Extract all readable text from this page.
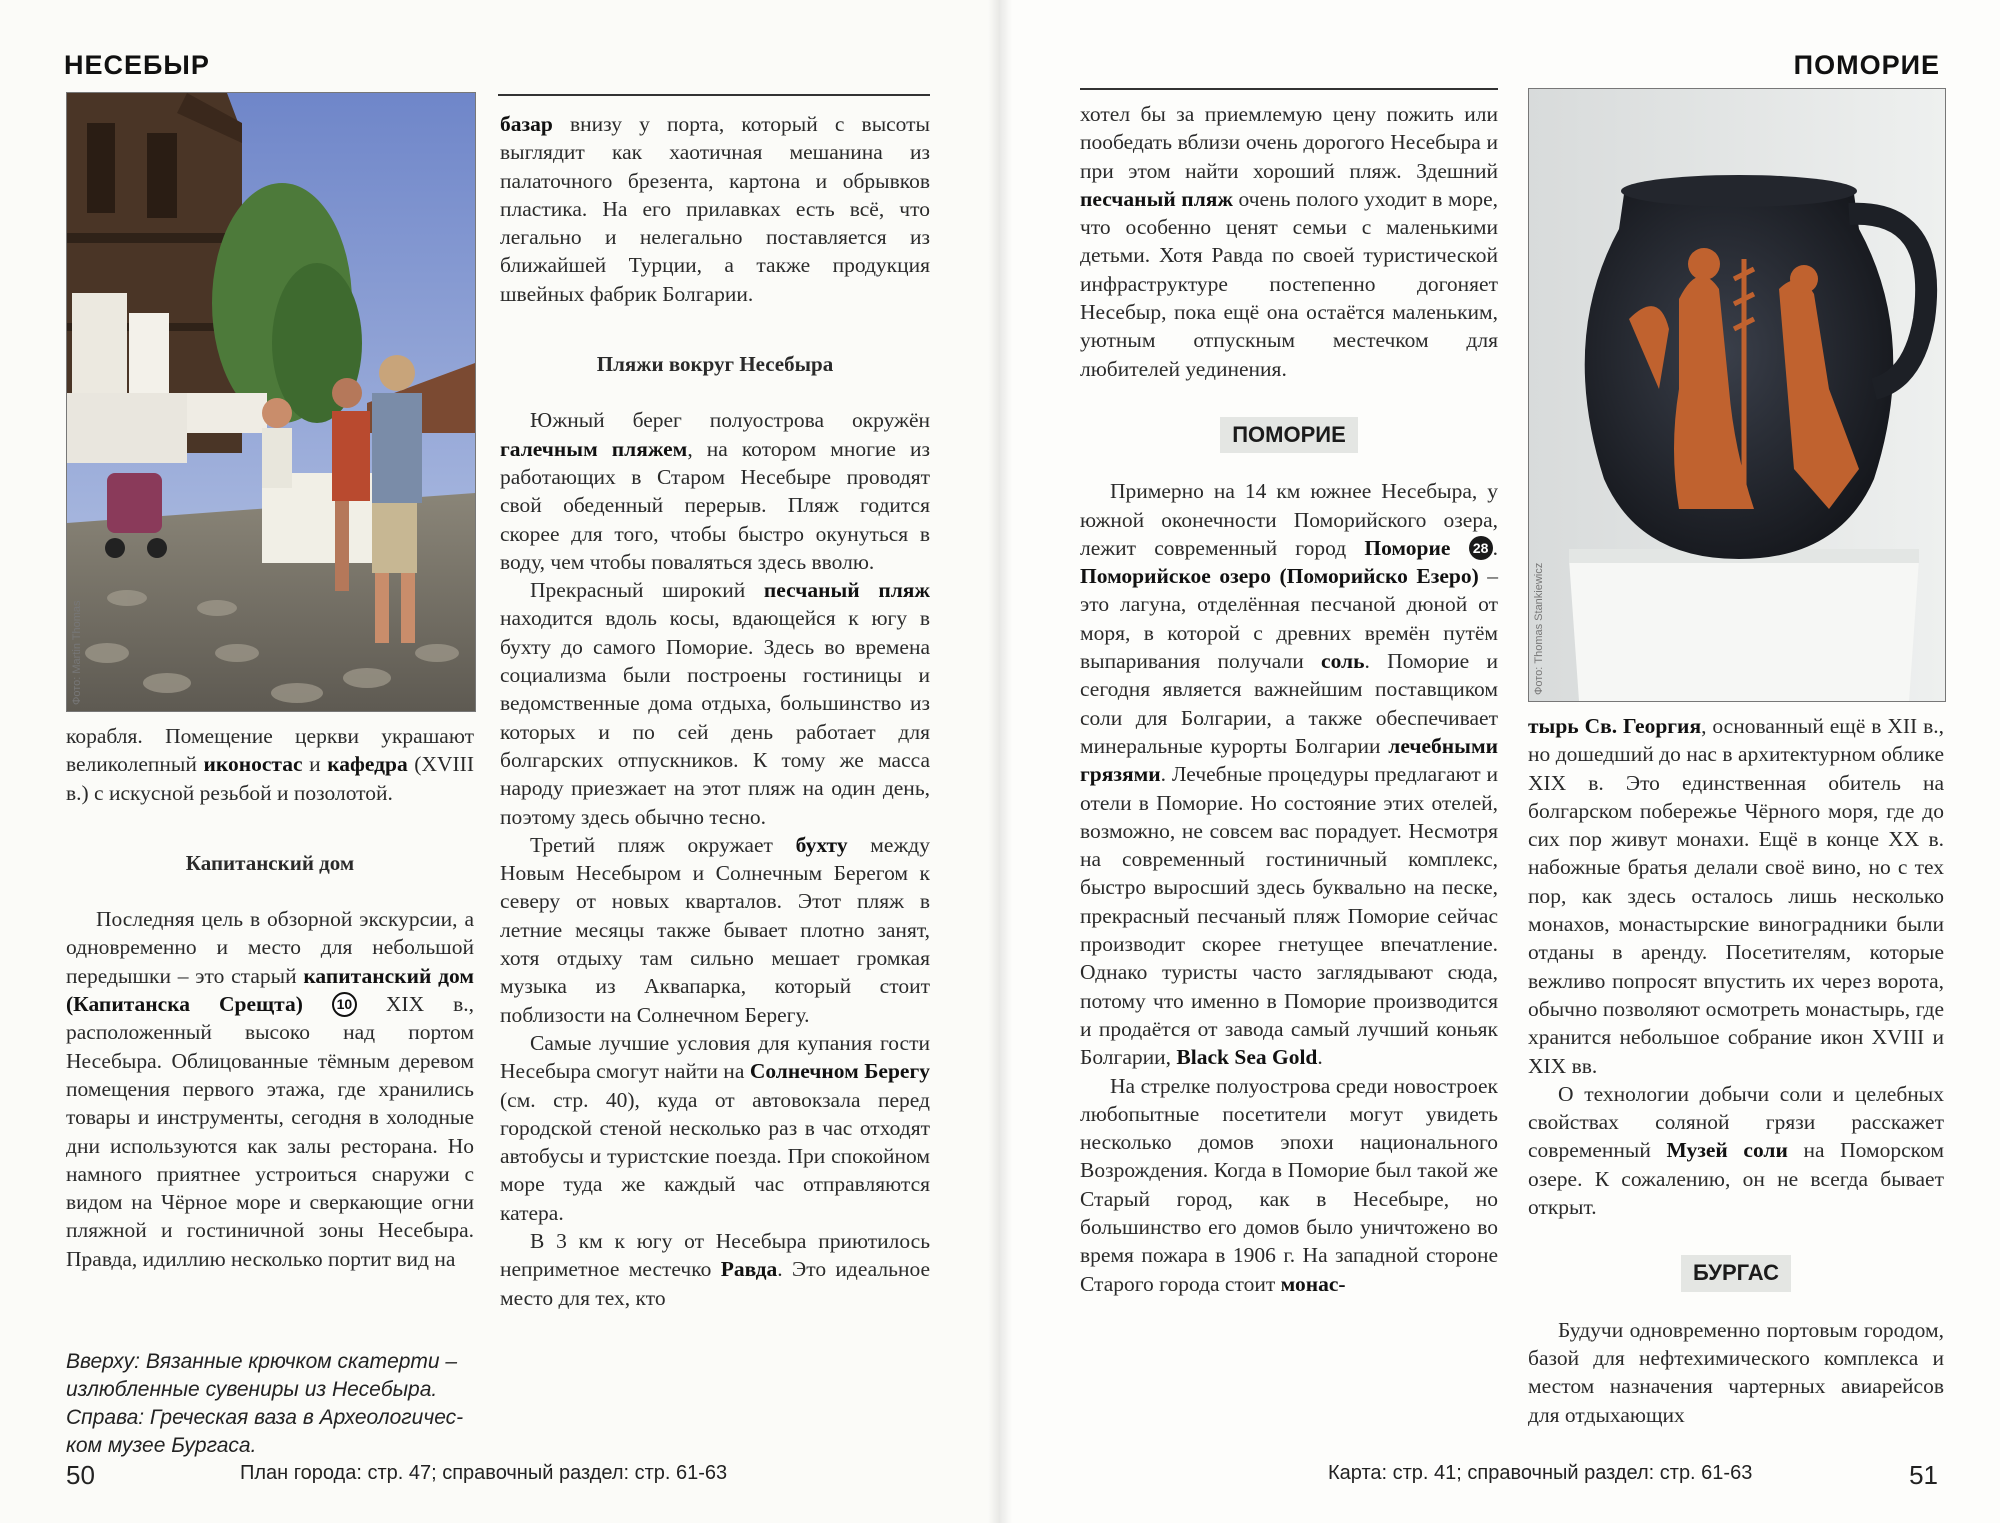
НЕСЕБЫР
Фото: Martin Thomas

корабля. Помещение церкви украшают великолепный иконостас и кафедра (XVIII в.) с искусной резьбой и позолотой.

Капитанский дом

Последняя цель в обзорной экскурсии, а одновременно и место для небольшой передышки – это старый капитанский дом (Капитанска Срещта) 10 XIX в., расположенный высоко над портом Несебыра. Облицованные тёмным деревом помещения первого этажа, где хранились товары и инструменты, сегодня в холодные дни используются как залы ресторана. Но намного приятнее устроиться снаружи с видом на Чёрное море и сверкающие огни пляжной и гостиничной зоны Несебыра. Правда, идиллию несколько портит вид на

Вверху: Вязанные крючком скатерти –
излюбленные сувениры из Несебыра.
Справа: Греческая ваза в Археологичес-
ком музее Бургаса.

базар внизу у порта, который с высоты выглядит как хаотичная мешанина из палаточного брезента, картона и обрывков пластика. На его прилавках есть всё, что легально и нелегально поставляется из ближайшей Турции, а также продукция швейных фабрик Болгарии.

Пляжи вокруг Несебыра

Южный берег полуострова окружён галечным пляжем, на котором многие из работающих в Старом Несебыре проводят свой обеденный перерыв. Пляж годится скорее для того, чтобы быстро окунуться в воду, чем чтобы поваляться здесь вволю.

Прекрасный широкий песчаный пляж находится вдоль косы, вдающейся к югу в бухту до самого Поморие. Здесь во времена социализма были построены гостиницы и ведомственные дома отдыха, большинство из которых и по сей день работает для болгарских отпускников. К тому же масса народу приезжает на этот пляж на один день, поэтому здесь обычно тесно.

Третий пляж окружает бухту между Новым Несебыром и Солнечным Берегом к северу от новых кварталов. Этот пляж в летние месяцы также бывает плотно занят, хотя отдыху там сильно мешает громкая музыка из Аквапарка, который стоит поблизости на Солнечном Берегу.

Самые лучшие условия для купания гости Несебыра смогут найти на Солнечном Берегу (см. стр. 40), куда от автовокзала перед городской стеной несколько раз в час отходят автобусы и туристские поезда. При спокойном море туда же каждый час отправляются катера.

В 3 км к югу от Несебыра приютилось неприметное местечко Равда. Это идеальное место для тех, кто

50	План города: стр. 47; справочный раздел: стр. 61-63
ПОМОРИЕ

хотел бы за приемлемую цену пожить или пообедать вблизи очень дорогого Несебыра и при этом найти хороший пляж. Здешний песчаный пляж очень полого уходит в море, что особенно ценят семьи с маленькими детьми. Хотя Равда по своей туристической инфраструктуре постепенно догоняет Несебыр, пока ещё она остаётся маленьким, уютным отпускным местечком для любителей уединения.

ПОМОРИЕ

Примерно на 14 км южнее Несебыра, у южной оконечности Поморийского озера, лежит современный город Поморие 28 . Поморийское озеро (Поморийско Езеро) – это лагуна, отделённая песчаной дюной от моря, в которой с древних времён путём выпаривания получали соль. Поморие и сегодня является важнейшим поставщиком соли для Болгарии, а также обеспечивает минеральные курорты Болгарии лечебными грязями. Лечебные процедуры предлагают и отели в Поморие. Но состояние этих отелей, возможно, не совсем вас порадует. Несмотря на современный гостиничный комплекс, быстро выросший здесь буквально на песке, прекрасный песчаный пляж Поморие сейчас производит скорее гнетущее впечатление. Однако туристы часто заглядывают сюда, потому что именно в Поморие производится и продаётся от завода самый лучший коньяк Болгарии, Black Sea Gold.

На стрелке полуострова среди новостроек любопытные посетители могут увидеть несколько домов эпохи национального Возрождения. Когда в Поморие был такой же Старый город, как в Несебыре, но большинство его домов было уничтожено во время пожара в 1906 г. На западной стороне Старого города стоит монас-

Фото: Thomas Stankiewicz

тырь Св. Георгия, основанный ещё в XII в., но дошедший до нас в архитектурном облике XIX в. Это единственная обитель на болгарском побережье Чёрного моря, где до сих пор живут монахи. Ещё в конце XX в. набожные братья делали своё вино, но с тех пор, как здесь осталось лишь несколько монахов, монастырские виноградники были отданы в аренду. Посетителям, которые вежливо попросят впустить их через ворота, обычно позволяют осмотреть монастырь, где хранится небольшое собрание икон XVIII и XIX вв.

О технологии добычи соли и целебных свойствах соляной грязи расскажет современный Музей соли на Поморском озере. К сожалению, он не всегда бывает открыт.

БУРГАС

Будучи одновременно портовым городом, базой для нефтехимического комплекса и местом назначения чартерных авиарейсов для отдыхающих

Карта: стр. 41; справочный раздел: стр. 61-63	51
